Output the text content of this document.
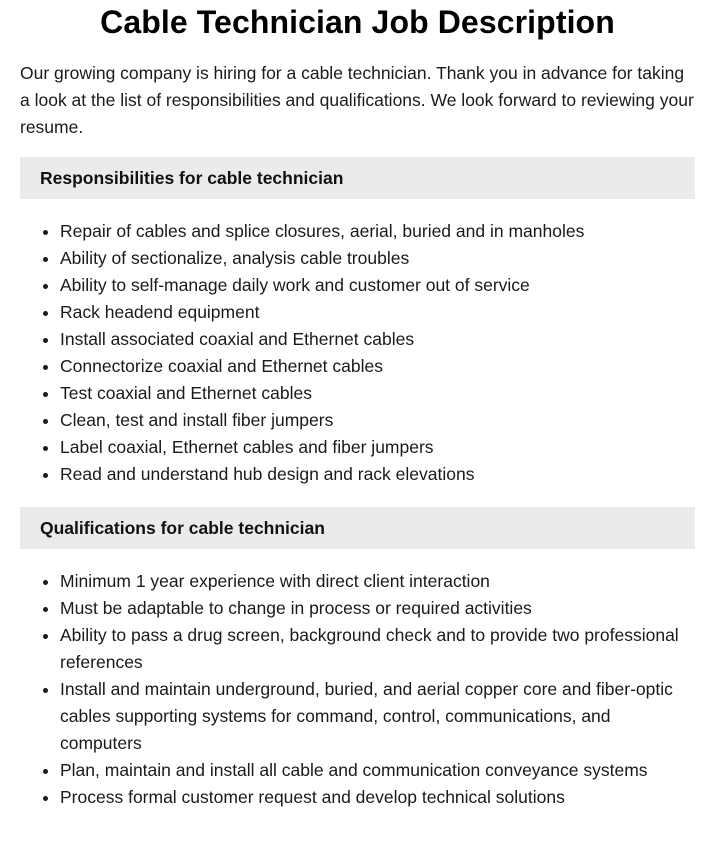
Cable Technician Job Description

Our growing company is hiring for a cable technician. Thank you in advance for taking a look at the list of responsibilities and qualifications. We look forward to reviewing your resume.

Responsibilities for cable technician
• Repair of cables and splice closures, aerial, buried and in manholes
• Ability of sectionalize, analysis cable troubles
• Ability to self-manage daily work and customer out of service
• Rack headend equipment
• Install associated coaxial and Ethernet cables
• Connectorize coaxial and Ethernet cables
• Test coaxial and Ethernet cables
• Clean, test and install fiber jumpers
• Label coaxial, Ethernet cables and fiber jumpers
• Read and understand hub design and rack elevations
Qualifications for cable technician
• Minimum 1 year experience with direct client interaction
• Must be adaptable to change in process or required activities
• Ability to pass a drug screen, background check and to provide two professional references
• Install and maintain underground, buried, and aerial copper core and fiber-optic cables supporting systems for command, control, communications, and computers
• Plan, maintain and install all cable and communication conveyance systems
• Process formal customer request and develop technical solutions
